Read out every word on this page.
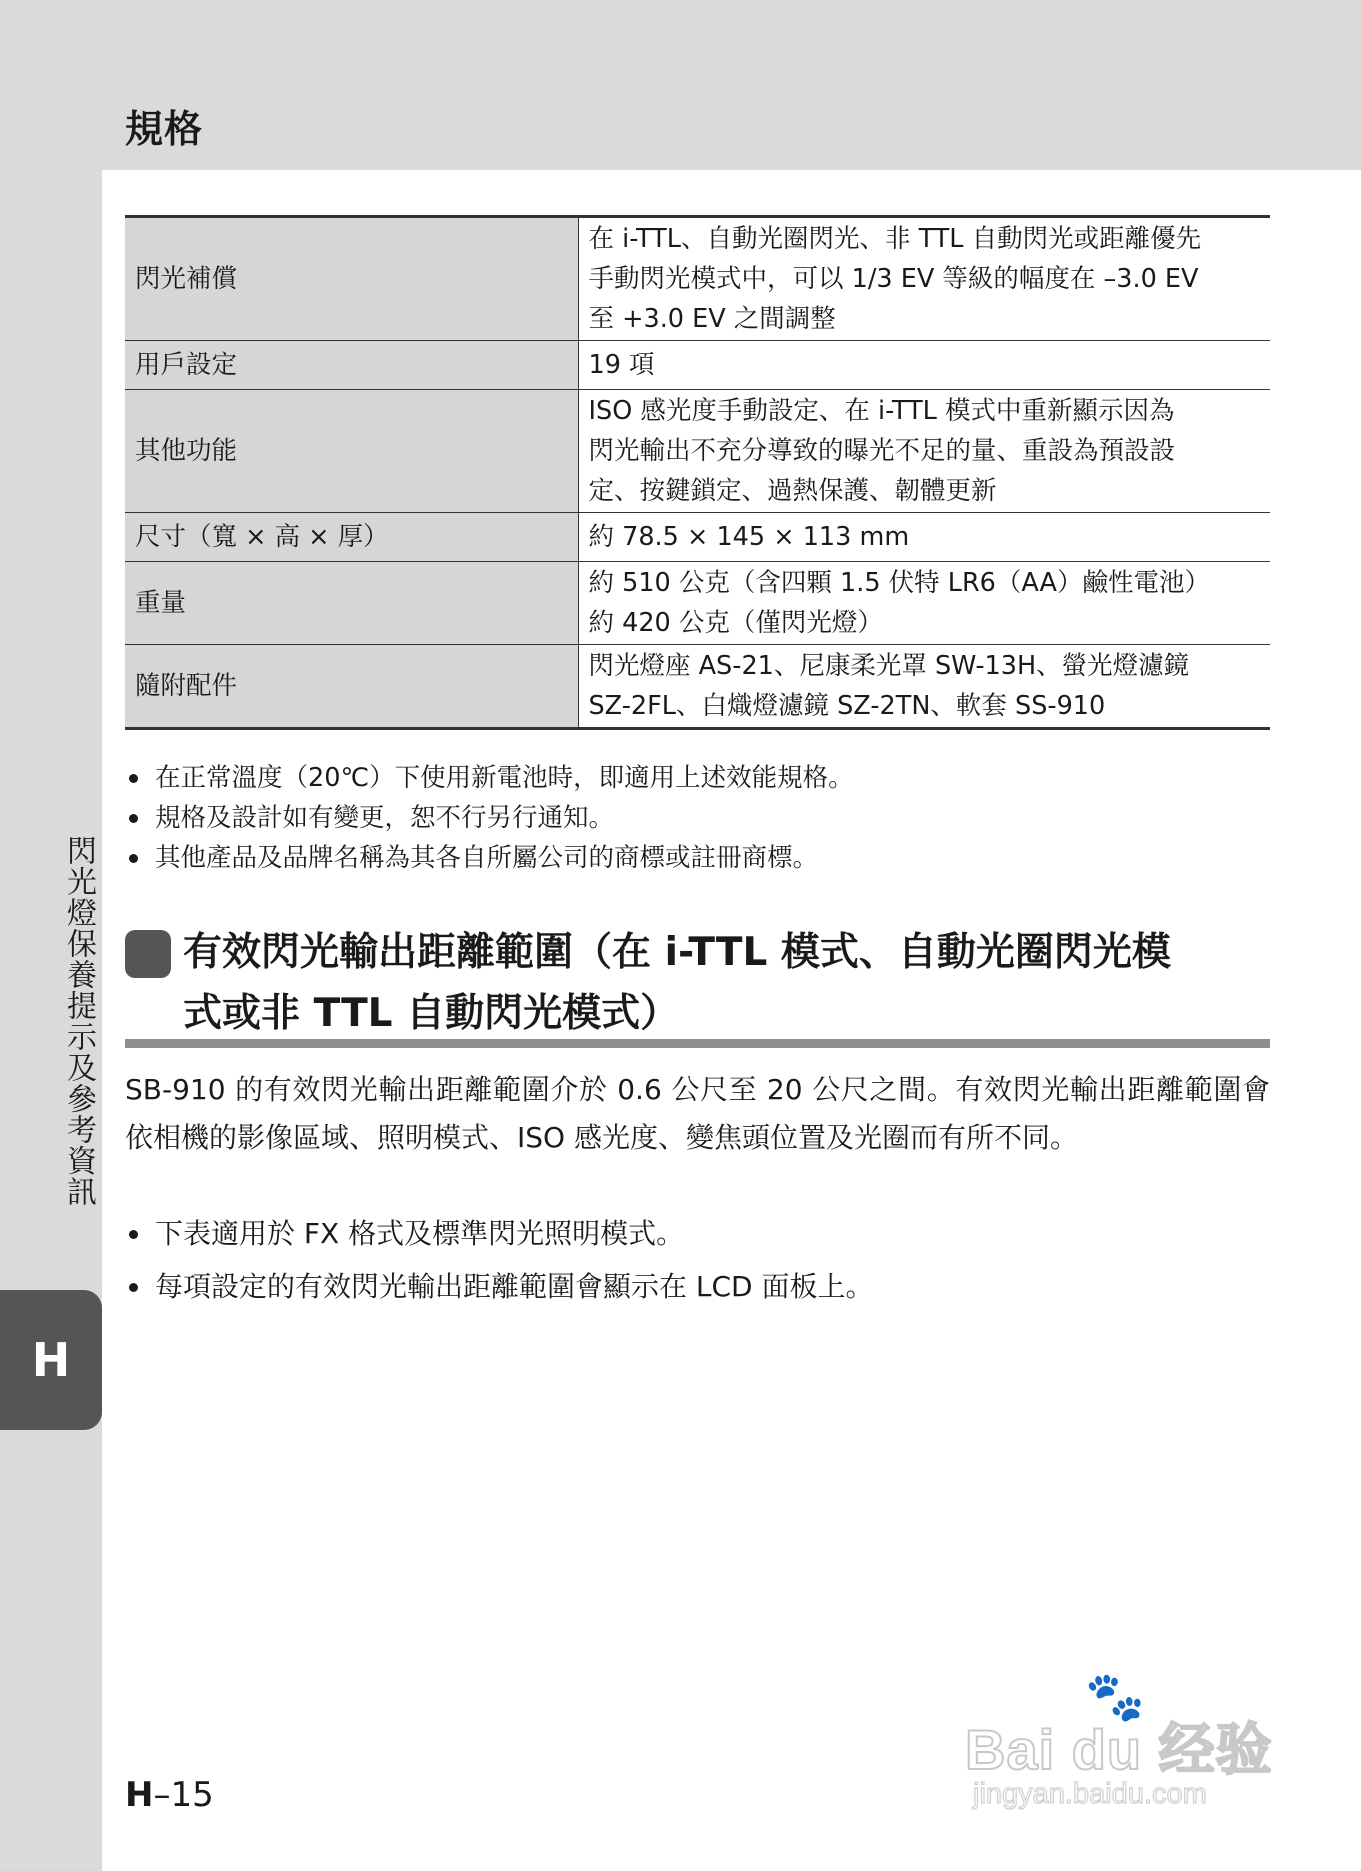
規格
閃光燈保養提示及參考資訊
H
閃光補償	在 i-TTL、自動光圈閃光、非 TTL 自動閃光或距離優先
手動閃光模式中，可以 1/3 EV 等級的幅度在 –3.0 EV
至 +3.0 EV 之間調整

用戶設定	19 項

其他功能	ISO 感光度手動設定、在 i-TTL 模式中重新顯示因為
閃光輸出不充分導致的曝光不足的量、重設為預設設
定、按鍵鎖定、過熱保護、韌體更新

尺寸（寬 × 高 × 厚）	約 78.5 × 145 × 113 mm

重量	約 510 公克（含四顆 1.5 伏特 LR6（AA）鹼性電池）
約 420 公克（僅閃光燈）

隨附配件	閃光燈座 AS-21、尼康柔光罩 SW-13H、螢光燈濾鏡
SZ-2FL、白熾燈濾鏡 SZ-2TN、軟套 SS-910
在正常溫度（20℃）下使用新電池時，即適用上述效能規格。
規格及設計如有變更，恕不行另行通知。
其他產品及品牌名稱為其各自所屬公司的商標或註冊商標。
有效閃光輸出距離範圍（在 i-TTL 模式、自動光圈閃光模
式或非 TTL 自動閃光模式）

SB-910 的有效閃光輸出距離範圍介於 0.6 公尺至 20 公尺之間。有效閃光輸出距離範圍會依相機的影像區域、照明模式、ISO 感光度、變焦頭位置及光圈而有所不同。

下表適用於 FX 格式及標準閃光照明模式。
每項設定的有效閃光輸出距離範圍會顯示在 LCD 面板上。
H–15
🐾
Bai du 经验
jingyan.baidu.com
